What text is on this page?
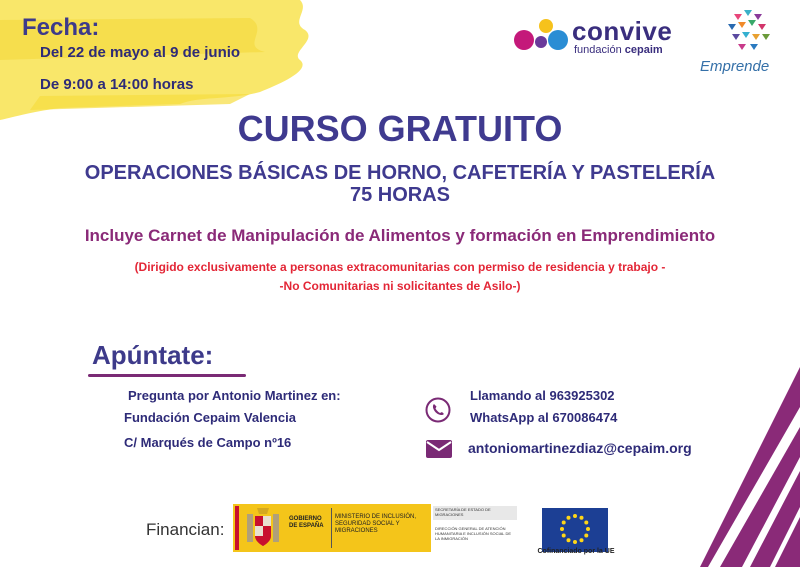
Fecha:
Del 22 de mayo al 9 de junio
De 9:00 a 14:00 horas
convive
fundación cepaim
Emprende
CURSO GRATUITO
OPERACIONES BÁSICAS DE HORNO, CAFETERÍA Y PASTELERÍA
75 HORAS
Incluye Carnet de Manipulación de Alimentos y formación en Emprendimiento
(Dirigido exclusivamente a personas extracomunitarias con permiso de residencia y trabajo -
-No Comunitarias ni solicitantes de Asilo-)
Apúntate:
Pregunta por Antonio Martinez en:
Fundación Cepaim Valencia
C/ Marqués de Campo nº16
Llamando al 963925302
WhatsApp al 670086474
antoniomartinezdiaz@cepaim.org
Financian:
GOBIERNO DE ESPAÑA
MINISTERIO DE INCLUSIÓN, SEGURIDAD SOCIAL Y MIGRACIONES
SECRETARÍA DE ESTADO DE MIGRACIONES
DIRECCIÓN GENERAL DE ATENCIÓN HUMANITARIA E INCLUSIÓN SOCIAL DE LA INMIGRACIÓN
Cofinanciado por la UE
